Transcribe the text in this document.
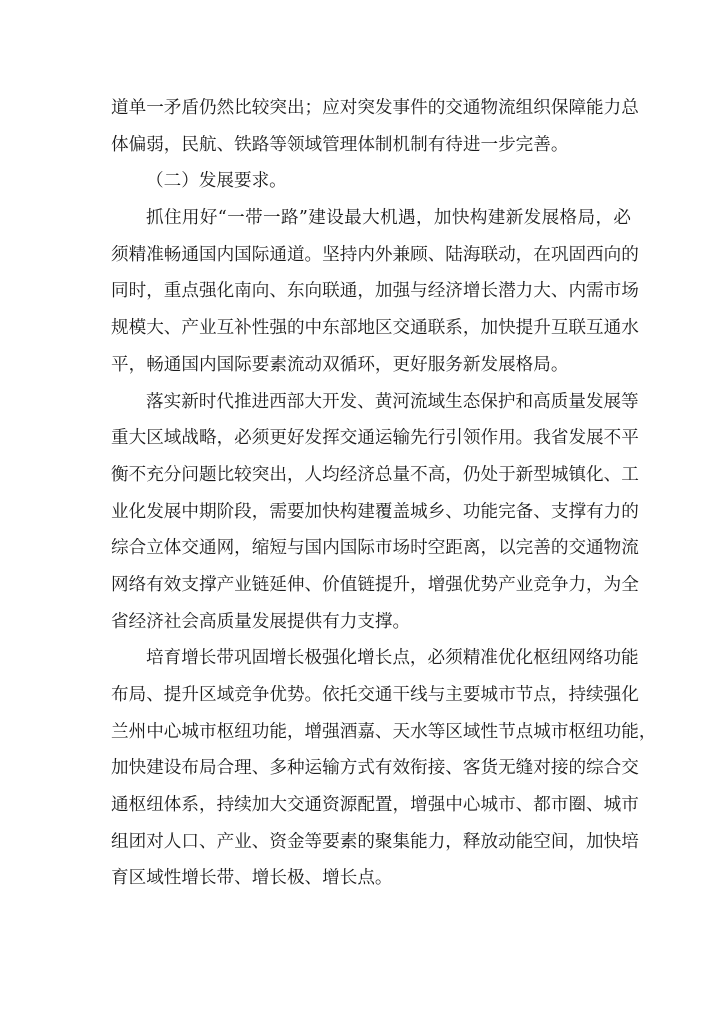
道单一矛盾仍然比较突出；应对突发事件的交通物流组织保障能力总
体偏弱，民航、铁路等领域管理体制机制有待进一步完善。
（二）发展要求。
抓住用好“一带一路”建设最大机遇，加快构建新发展格局，必
须精准畅通国内国际通道。坚持内外兼顾、陆海联动，在巩固西向的
同时，重点强化南向、东向联通，加强与经济增长潜力大、内需市场
规模大、产业互补性强的中东部地区交通联系，加快提升互联互通水
平，畅通国内国际要素流动双循环，更好服务新发展格局。
落实新时代推进西部大开发、黄河流域生态保护和高质量发展等
重大区域战略，必须更好发挥交通运输先行引领作用。我省发展不平
衡不充分问题比较突出，人均经济总量不高，仍处于新型城镇化、工
业化发展中期阶段，需要加快构建覆盖城乡、功能完备、支撑有力的
综合立体交通网，缩短与国内国际市场时空距离，以完善的交通物流
网络有效支撑产业链延伸、价值链提升，增强优势产业竞争力，为全
省经济社会高质量发展提供有力支撑。
培育增长带巩固增长极强化增长点，必须精准优化枢纽网络功能
布局、提升区域竞争优势。依托交通干线与主要城市节点，持续强化
兰州中心城市枢纽功能，增强酒嘉、天水等区域性节点城市枢纽功能，
加快建设布局合理、多种运输方式有效衔接、客货无缝对接的综合交
通枢纽体系，持续加大交通资源配置，增强中心城市、都市圈、城市
组团对人口、产业、资金等要素的聚集能力，释放动能空间，加快培
育区域性增长带、增长极、增长点。
